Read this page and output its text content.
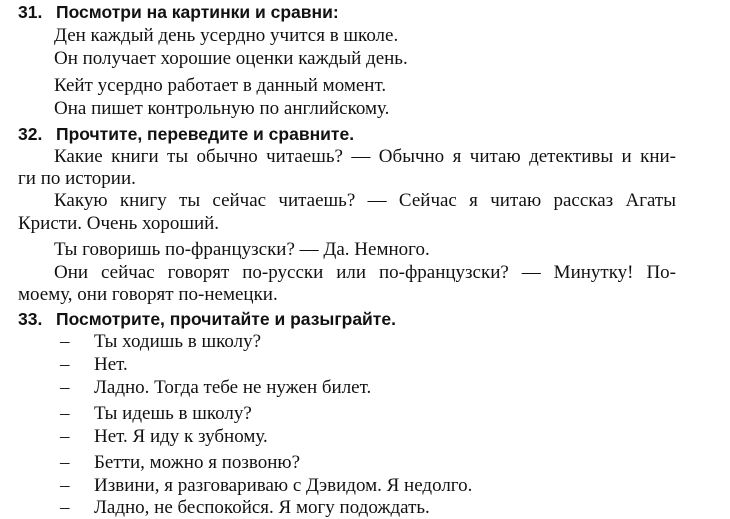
31. Посмотри на картинки и сравни:
Ден каждый день усердно учится в школе.
Он получает хорошие оценки каждый день.
Кейт усердно работает в данный момент.
Она пишет контрольную по английскому.
32. Прочтите, переведите и сравните.
Какие книги ты обычно читаешь? — Обычно я читаю детективы и кни-
ги по истории.
Какую книгу ты сейчас читаешь? — Сейчас я читаю рассказ Агаты
Кристи. Очень хороший.
Ты говоришь по-французски? — Да. Немного.
Они сейчас говорят по-русски или по-французски? — Минутку! По-
моему, они говорят по-немецки.
33. Посмотрите, прочитайте и разыграйте.
– Ты ходишь в школу?
– Нет.
– Ладно. Тогда тебе не нужен билет.
– Ты идешь в школу?
– Нет. Я иду к зубному.
– Бетти, можно я позвоню?
– Извини, я разговариваю с Дэвидом. Я недолго.
– Ладно, не беспокойся. Я могу подождать.
